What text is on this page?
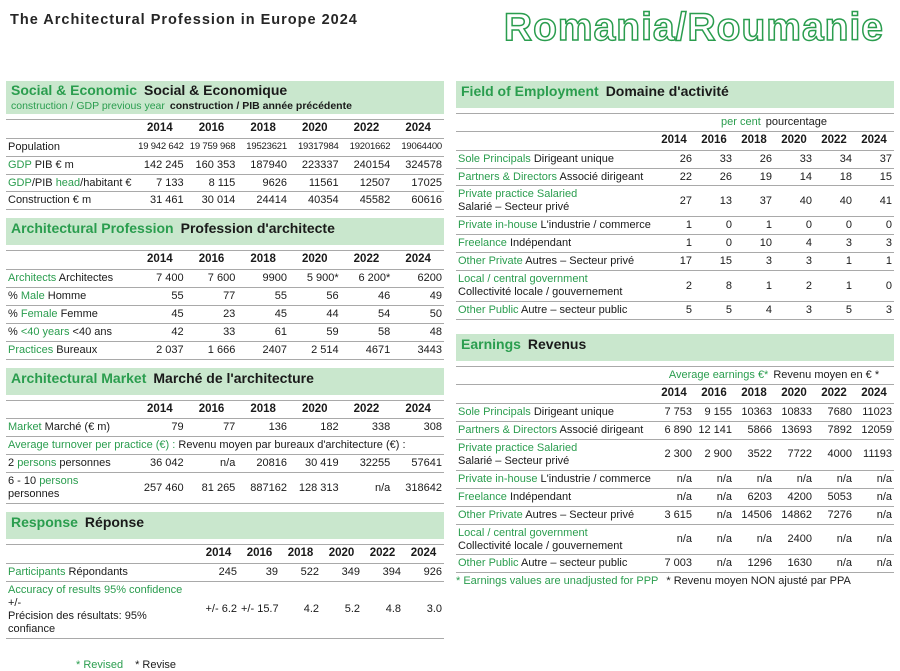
The Architectural Profession in Europe 2024	Romania/Roumanie
Social & Economic Social & Economique
construction / GDP previous year construction / PIB année précédente
	2014	2016	2018	2020	2022	2024
Population	19 942 642	19 759 968	19523621	19317984	19201662	19064400
GDP PIB € m	142 245	160 353	187940	223337	240154	324578
GDP/PIB head/habitant €	7 133	8 115	9626	11561	12507	17025
Construction € m	31 461	30 014	24414	40354	45582	60616
Architectural Profession Profession d'architecte
	2014	2016	2018	2020	2022	2024
Architects Architectes	7 400	7 600	9900	5 900*	6 200*	6200
% Male Homme	55	77	55	56	46	49
% Female Femme	45	23	45	44	54	50
% <40 years <40 ans	42	33	61	59	58	48
Practices Bureaux	2 037	1 666	2407	2 514	4671	3443
Architectural Market Marché de l'architecture
	2014	2016	2018	2020	2022	2024
Market Marché (€ m)	79	77	136	182	338	308
Average turnover per practice (€) : Revenu moyen par bureaux d'architecture (€) :						
2 persons personnes	36 042	n/a	20816	30 419	32255	57641
6 - 10 persons personnes	257 460	81 265	887162	128 313	n/a	318642
Response Réponse
	2014	2016	2018	2020	2022	2024
Participants Répondants	245	39	522	349	394	926
Accuracy of results 95% confidence +/-
Précision des résultats: 95% confiance	+/- 6.2	+/- 15.7	4.2	5.2	4.8	3.0
* Revised * Revise
Field of Employment Domaine d'activité
	per cent pourcentage					
	2014	2016	2018	2020	2022	2024
Sole Principals Dirigeant unique	26	33	26	33	34	37
Partners & Directors Associé dirigeant	22	26	19	14	18	15
Private practice Salaried
Salarié – Secteur privé	27	13	37	40	40	41
Private in-house L'industrie / commerce	1	0	1	0	0	0
Freelance Indépendant	1	0	10	4	3	3
Other Private Autres – Secteur privé	17	15	3	3	1	1
Local / central government
Collectivité locale / gouvernement	2	8	1	2	1	0
Other Public Autre – secteur public	5	5	4	3	5	3
Earnings Revenus
	Average earnings €* Revenu moyen en € *					
	2014	2016	2018	2020	2022	2024
Sole Principals Dirigeant unique	7 753	9 155	10363	10833	7680	11023
Partners & Directors Associé dirigeant	6 890	12 141	5866	13693	7892	12059
Private practice Salaried
Salarié – Secteur privé	2 300	2 900	3522	7722	4000	11193
Private in-house L'industrie / commerce	n/a	n/a	n/a	n/a	n/a	n/a
Freelance Indépendant	n/a	n/a	6203	4200	5053	n/a
Other Private Autres – Secteur privé	3 615	n/a	14506	14862	7276	n/a
Local / central government
Collectivité locale / gouvernement	n/a	n/a	n/a	2400	n/a	n/a
Other Public Autre – secteur public	7 003	n/a	1296	1630	n/a	n/a
* Earnings values are unadjusted for PPP * Revenu moyen NON ajusté par PPA
